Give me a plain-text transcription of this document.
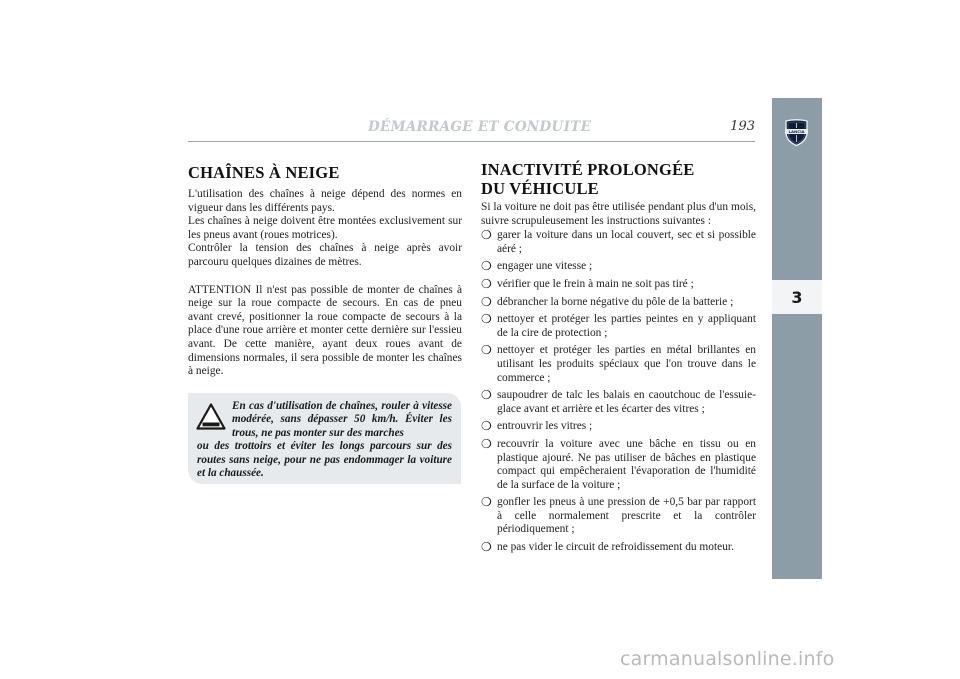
DÉMARRAGE ET CONDUITE	193	LANCIA
3
CHAÎNES À NEIGE

L'utilisation des chaînes à neige dépend des normes en vigueur dans les différents pays.

Les chaînes à neige doivent être montées exclusivement sur les pneus avant (roues motrices).

Contrôler la tension des chaînes à neige après avoir parcouru quelques dizaines de mètres.

ATTENTION Il n'est pas possible de monter de chaînes à neige sur la roue compacte de secours. En cas de pneu avant crevé, positionner la roue compacte de secours à la place d'une roue arrière et monter cette dernière sur l'essieu avant. De cette manière, ayant deux roues avant de dimensions normales, il sera possible de monter les chaînes à neige.

En cas d'utilisation de chaînes, rouler à vitesse modérée, sans dépasser 50 km/h. Éviter les trous, ne pas monter sur des marches
ou des trottoirs et éviter les longs parcours sur des routes sans neige, pour ne pas endommager la voiture et la chaussée.

INACTIVITÉ PROLONGÉE
DU VÉHICULE

Si la voiture ne doit pas être utilisée pendant plus d'un mois, suivre scrupuleusement les instructions suivantes :

❍ garer la voiture dans un local couvert, sec et si possible aéré ;
❍ engager une vitesse ;
❍ vérifier que le frein à main ne soit pas tiré ;
❍ débrancher la borne négative du pôle de la batterie ;
❍ nettoyer et protéger les parties peintes en y appliquant de la cire de protection ;
❍ nettoyer et protéger les parties en métal brillantes en utilisant les produits spéciaux que l'on trouve dans le commerce ;
❍ saupoudrer de talc les balais en caoutchouc de l'essuie-glace avant et arrière et les écarter des vitres ;
❍ entrouvrir les vitres ;
❍ recouvrir la voiture avec une bâche en tissu ou en plastique ajouré. Ne pas utiliser de bâches en plastique compact qui empêcheraient l'évaporation de l'humidité de la surface de la voiture ;
❍ gonfler les pneus à une pression de +0,5 bar par rapport à celle normalement prescrite et la contrôler périodiquement ;
❍ ne pas vider le circuit de refroidissement du moteur.
carmanualsonline.info
